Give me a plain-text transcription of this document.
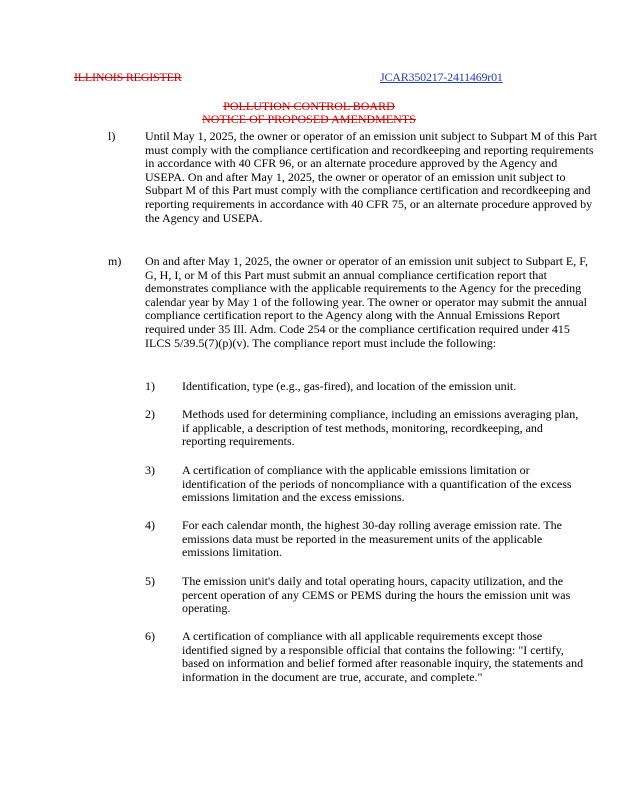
ILLINOIS REGISTER	JCAR350217-2411469r01
POLLUTION CONTROL BOARD
NOTICE OF PROPOSED AMENDMENTS
l) Until May 1, 2025, the owner or operator of an emission unit subject to Subpart M of this Part must comply with the compliance certification and recordkeeping and reporting requirements in accordance with 40 CFR 96, or an alternate procedure approved by the Agency and USEPA. On and after May 1, 2025, the owner or operator of an emission unit subject to Subpart M of this Part must comply with the compliance certification and recordkeeping and reporting requirements in accordance with 40 CFR 75, or an alternate procedure approved by the Agency and USEPA.

m) On and after May 1, 2025, the owner or operator of an emission unit subject to Subpart E, F, G, H, I, or M of this Part must submit an annual compliance certification report that demonstrates compliance with the applicable requirements to the Agency for the preceding calendar year by May 1 of the following year. The owner or operator may submit the annual compliance certification report to the Agency along with the Annual Emissions Report required under 35 Ill. Adm. Code 254 or the compliance certification required under 415 ILCS 5/39.5(7)(p)(v). The compliance report must include the following:

1) Identification, type (e.g., gas-fired), and location of the emission unit.

2) Methods used for determining compliance, including an emissions averaging plan, if applicable, a description of test methods, monitoring, recordkeeping, and reporting requirements.

3) A certification of compliance with the applicable emissions limitation or identification of the periods of noncompliance with a quantification of the excess emissions limitation and the excess emissions.

4) For each calendar month, the highest 30-day rolling average emission rate. The emissions data must be reported in the measurement units of the applicable emissions limitation.

5) The emission unit's daily and total operating hours, capacity utilization, and the percent operation of any CEMS or PEMS during the hours the emission unit was operating.

6) A certification of compliance with all applicable requirements except those identified signed by a responsible official that contains the following: "I certify, based on information and belief formed after reasonable inquiry, the statements and information in the document are true, accurate, and complete."
